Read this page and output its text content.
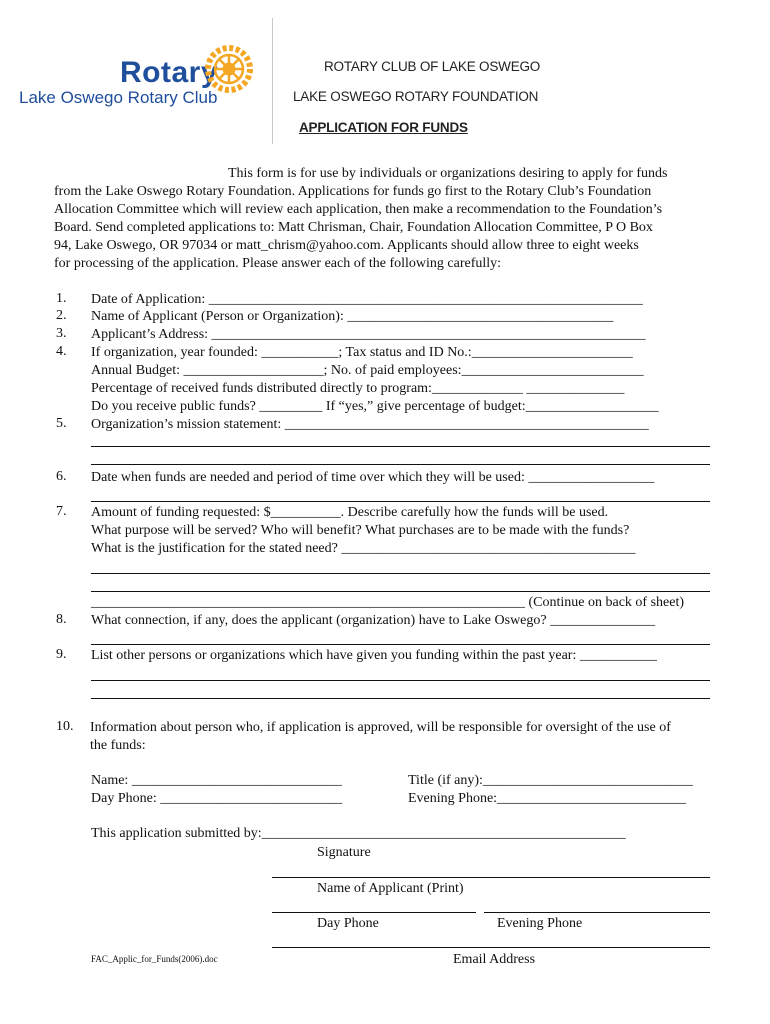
Rotary
Lake Oswego Rotary Club
ROTARY CLUB OF LAKE OSWEGO
LAKE OSWEGO ROTARY FOUNDATION
APPLICATION FOR FUNDS
This form is for use by individuals or organizations desiring to apply for funds
from the Lake Oswego Rotary Foundation. Applications for funds go first to the Rotary Club’s Foundation
Allocation Committee which will review each application, then make a recommendation to the Foundation’s
Board. Send completed applications to: Matt Chrisman, Chair, Foundation Allocation Committee, P O Box
94, Lake Oswego, OR 97034 or matt_chrism@yahoo.com. Applicants should allow three to eight weeks
for processing of the application. Please answer each of the following carefully:
1. Date of Application: ______________________________________________________________
2. Name of Applicant (Person or Organization): ______________________________________
3. Applicant’s Address: ______________________________________________________________
4. If organization, year founded: ___________; Tax status and ID No.:_______________________
Annual Budget: ____________________; No. of paid employees:__________________________
Percentage of received funds distributed directly to program:_____________ ______________
Do you receive public funds? _________ If “yes,” give percentage of budget:___________________
5. Organization’s mission statement: ____________________________________________________
6. Date when funds are needed and period of time over which they will be used: __________________
7. Amount of funding requested: $__________. Describe carefully how the funds will be used.
What purpose will be served? Who will benefit? What purchases are to be made with the funds?
What is the justification for the stated need? __________________________________________
______________________________________________________________ (Continue on back of sheet)
8. What connection, if any, does the applicant (organization) have to Lake Oswego? _______________
9. List other persons or organizations which have given you funding within the past year: ___________
10. Information about person who, if application is approved, will be responsible for oversight of the use of
the funds:
Name: ______________________________
Day Phone: __________________________
Title (if any):______________________________
Evening Phone:___________________________
This application submitted by:____________________________________________________
Signature
Name of Applicant (Print)
Day Phone	Evening Phone
Email Address
FAC_Applic_for_Funds(2006).doc
